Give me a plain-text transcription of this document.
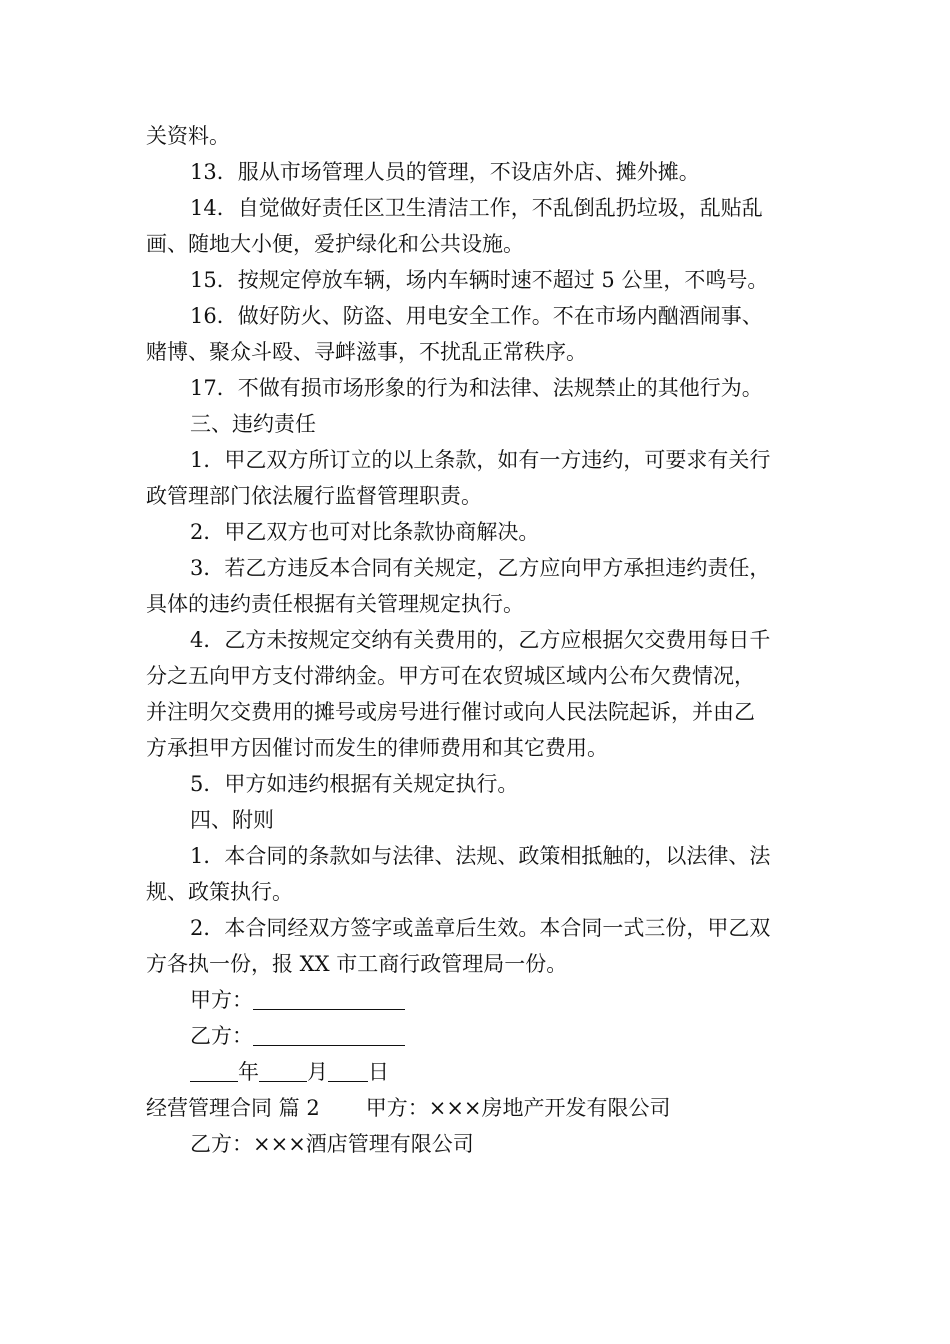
关资料。
13．服从市场管理人员的管理，不设店外店、摊外摊。
14．自觉做好责任区卫生清洁工作，不乱倒乱扔垃圾，乱贴乱
画、随地大小便，爱护绿化和公共设施。
15．按规定停放车辆，场内车辆时速不超过 5 公里，不鸣号。
16．做好防火、防盗、用电安全工作。不在市场内酗酒闹事、
赌博、聚众斗殴、寻衅滋事，不扰乱正常秩序。
17．不做有损市场形象的行为和法律、法规禁止的其他行为。
三、违约责任
1．甲乙双方所订立的以上条款，如有一方违约，可要求有关行
政管理部门依法履行监督管理职责。
2．甲乙双方也可对比条款协商解决。
3．若乙方违反本合同有关规定，乙方应向甲方承担违约责任，
具体的违约责任根据有关管理规定执行。
4．乙方未按规定交纳有关费用的，乙方应根据欠交费用每日千
分之五向甲方支付滞纳金。甲方可在农贸城区域内公布欠费情况，
并注明欠交费用的摊号或房号进行催讨或向人民法院起诉，并由乙
方承担甲方因催讨而发生的律师费用和其它费用。
5．甲方如违约根据有关规定执行。
四、附则
1．本合同的条款如与法律、法规、政策相抵触的，以法律、法
规、政策执行。
2．本合同经双方签字或盖章后生效。本合同一式三份，甲乙双
方各执一份，报 XX 市工商行政管理局一份。
甲方：
乙方：
年 月 日
经营管理合同 篇 2 甲方：×××房地产开发有限公司
乙方：×××酒店管理有限公司
